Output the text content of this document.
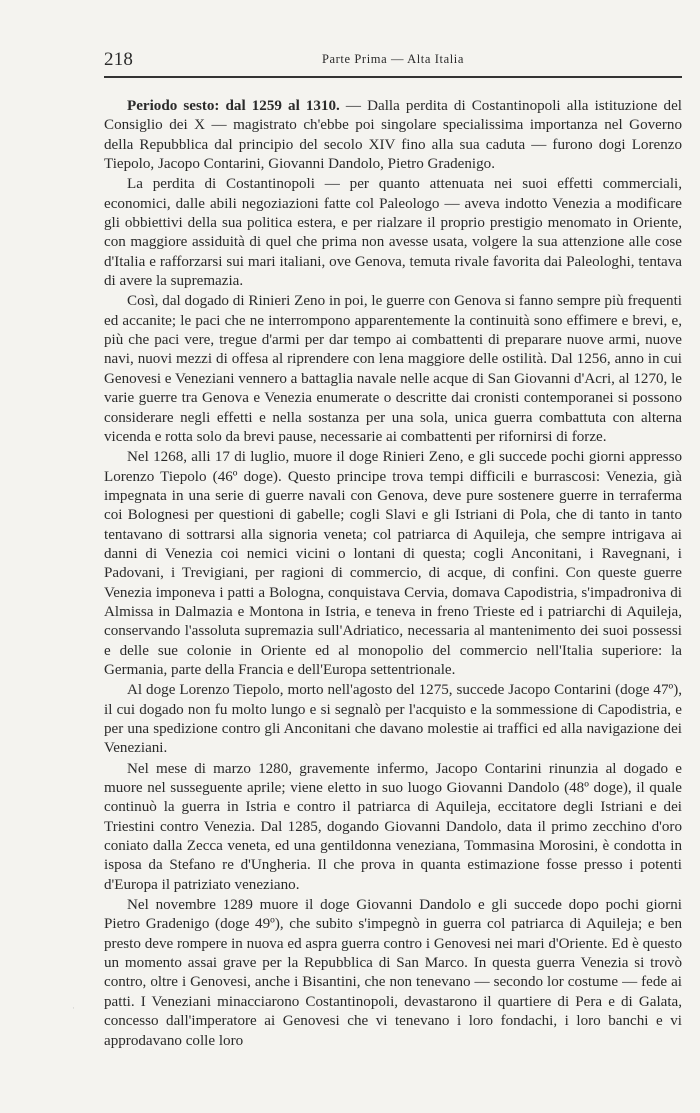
218	Parte Prima — Alta Italia

Periodo sesto: dal 1259 al 1310. — Dalla perdita di Costantinopoli alla istituzione del Consiglio dei X — magistrato ch'ebbe poi singolare specialissima importanza nel Governo della Repubblica dal principio del secolo XIV fino alla sua caduta — furono dogi Lorenzo Tiepolo, Jacopo Contarini, Giovanni Dandolo, Pietro Gradenigo.

La perdita di Costantinopoli — per quanto attenuata nei suoi effetti commerciali, economici, dalle abili negoziazioni fatte col Paleologo — aveva indotto Venezia a modificare gli obbiettivi della sua politica estera, e per rialzare il proprio prestigio menomato in Oriente, con maggiore assiduità di quel che prima non avesse usata, volgere la sua attenzione alle cose d'Italia e rafforzarsi sui mari italiani, ove Genova, temuta rivale favorita dai Paleologhi, tentava di avere la supremazia.

Così, dal dogado di Rinieri Zeno in poi, le guerre con Genova si fanno sempre più frequenti ed accanite; le paci che ne interrompono apparentemente la continuità sono effimere e brevi, e, più che paci vere, tregue d'armi per dar tempo ai combattenti di preparare nuove armi, nuove navi, nuovi mezzi di offesa al riprendere con lena maggiore delle ostilità. Dal 1256, anno in cui Genovesi e Veneziani vennero a battaglia navale nelle acque di San Giovanni d'Acri, al 1270, le varie guerre tra Genova e Venezia enumerate o descritte dai cronisti contemporanei si possono considerare negli effetti e nella sostanza per una sola, unica guerra combattuta con alterna vicenda e rotta solo da brevi pause, necessarie ai combattenti per rifornirsi di forze.

Nel 1268, alli 17 di luglio, muore il doge Rinieri Zeno, e gli succede pochi giorni appresso Lorenzo Tiepolo (46º doge). Questo principe trova tempi difficili e burrascosi: Venezia, già impegnata in una serie di guerre navali con Genova, deve pure sostenere guerre in terraferma coi Bolognesi per questioni di gabelle; cogli Slavi e gli Istriani di Pola, che di tanto in tanto tentavano di sottrarsi alla signoria veneta; col patriarca di Aquileja, che sempre intrigava ai danni di Venezia coi nemici vicini o lontani di questa; cogli Anconitani, i Ravegnani, i Padovani, i Trevigiani, per ragioni di commercio, di acque, di confini. Con queste guerre Venezia imponeva i patti a Bologna, conquistava Cervia, domava Capodistria, s'impadroniva di Almissa in Dalmazia e Montona in Istria, e teneva in freno Trieste ed i patriarchi di Aquileja, conservando l'assoluta supremazia sull'Adriatico, necessaria al mantenimento dei suoi possessi e delle sue colonie in Oriente ed al monopolio del commercio nell'Italia superiore: la Germania, parte della Francia e dell'Europa settentrionale.

Al doge Lorenzo Tiepolo, morto nell'agosto del 1275, succede Jacopo Contarini (doge 47º), il cui dogado non fu molto lungo e si segnalò per l'acquisto e la sommessione di Capodistria, e per una spedizione contro gli Anconitani che davano molestie ai traffici ed alla navigazione dei Veneziani.

Nel mese di marzo 1280, gravemente infermo, Jacopo Contarini rinunzia al dogado e muore nel susseguente aprile; viene eletto in suo luogo Giovanni Dandolo (48º doge), il quale continuò la guerra in Istria e contro il patriarca di Aquileja, eccitatore degli Istriani e dei Triestini contro Venezia. Dal 1285, dogando Giovanni Dandolo, data il primo zecchino d'oro coniato dalla Zecca veneta, ed una gentildonna veneziana, Tommasina Morosini, è condotta in isposa da Stefano re d'Ungheria. Il che prova in quanta estimazione fosse presso i potenti d'Europa il patriziato veneziano.

Nel novembre 1289 muore il doge Giovanni Dandolo e gli succede dopo pochi giorni Pietro Gradenigo (doge 49º), che subito s'impegnò in guerra col patriarca di Aquileja; e ben presto deve rompere in nuova ed aspra guerra contro i Genovesi nei mari d'Oriente. Ed è questo un momento assai grave per la Repubblica di San Marco. In questa guerra Venezia si trovò contro, oltre i Genovesi, anche i Bisantini, che non tenevano — secondo lor costume — fede ai patti. I Veneziani minacciarono Costantinopoli, devastarono il quartiere di Pera e di Galata, concesso dall'imperatore ai Genovesi che vi tenevano i loro fondachi, i loro banchi e vi approdavano colle loro

·
